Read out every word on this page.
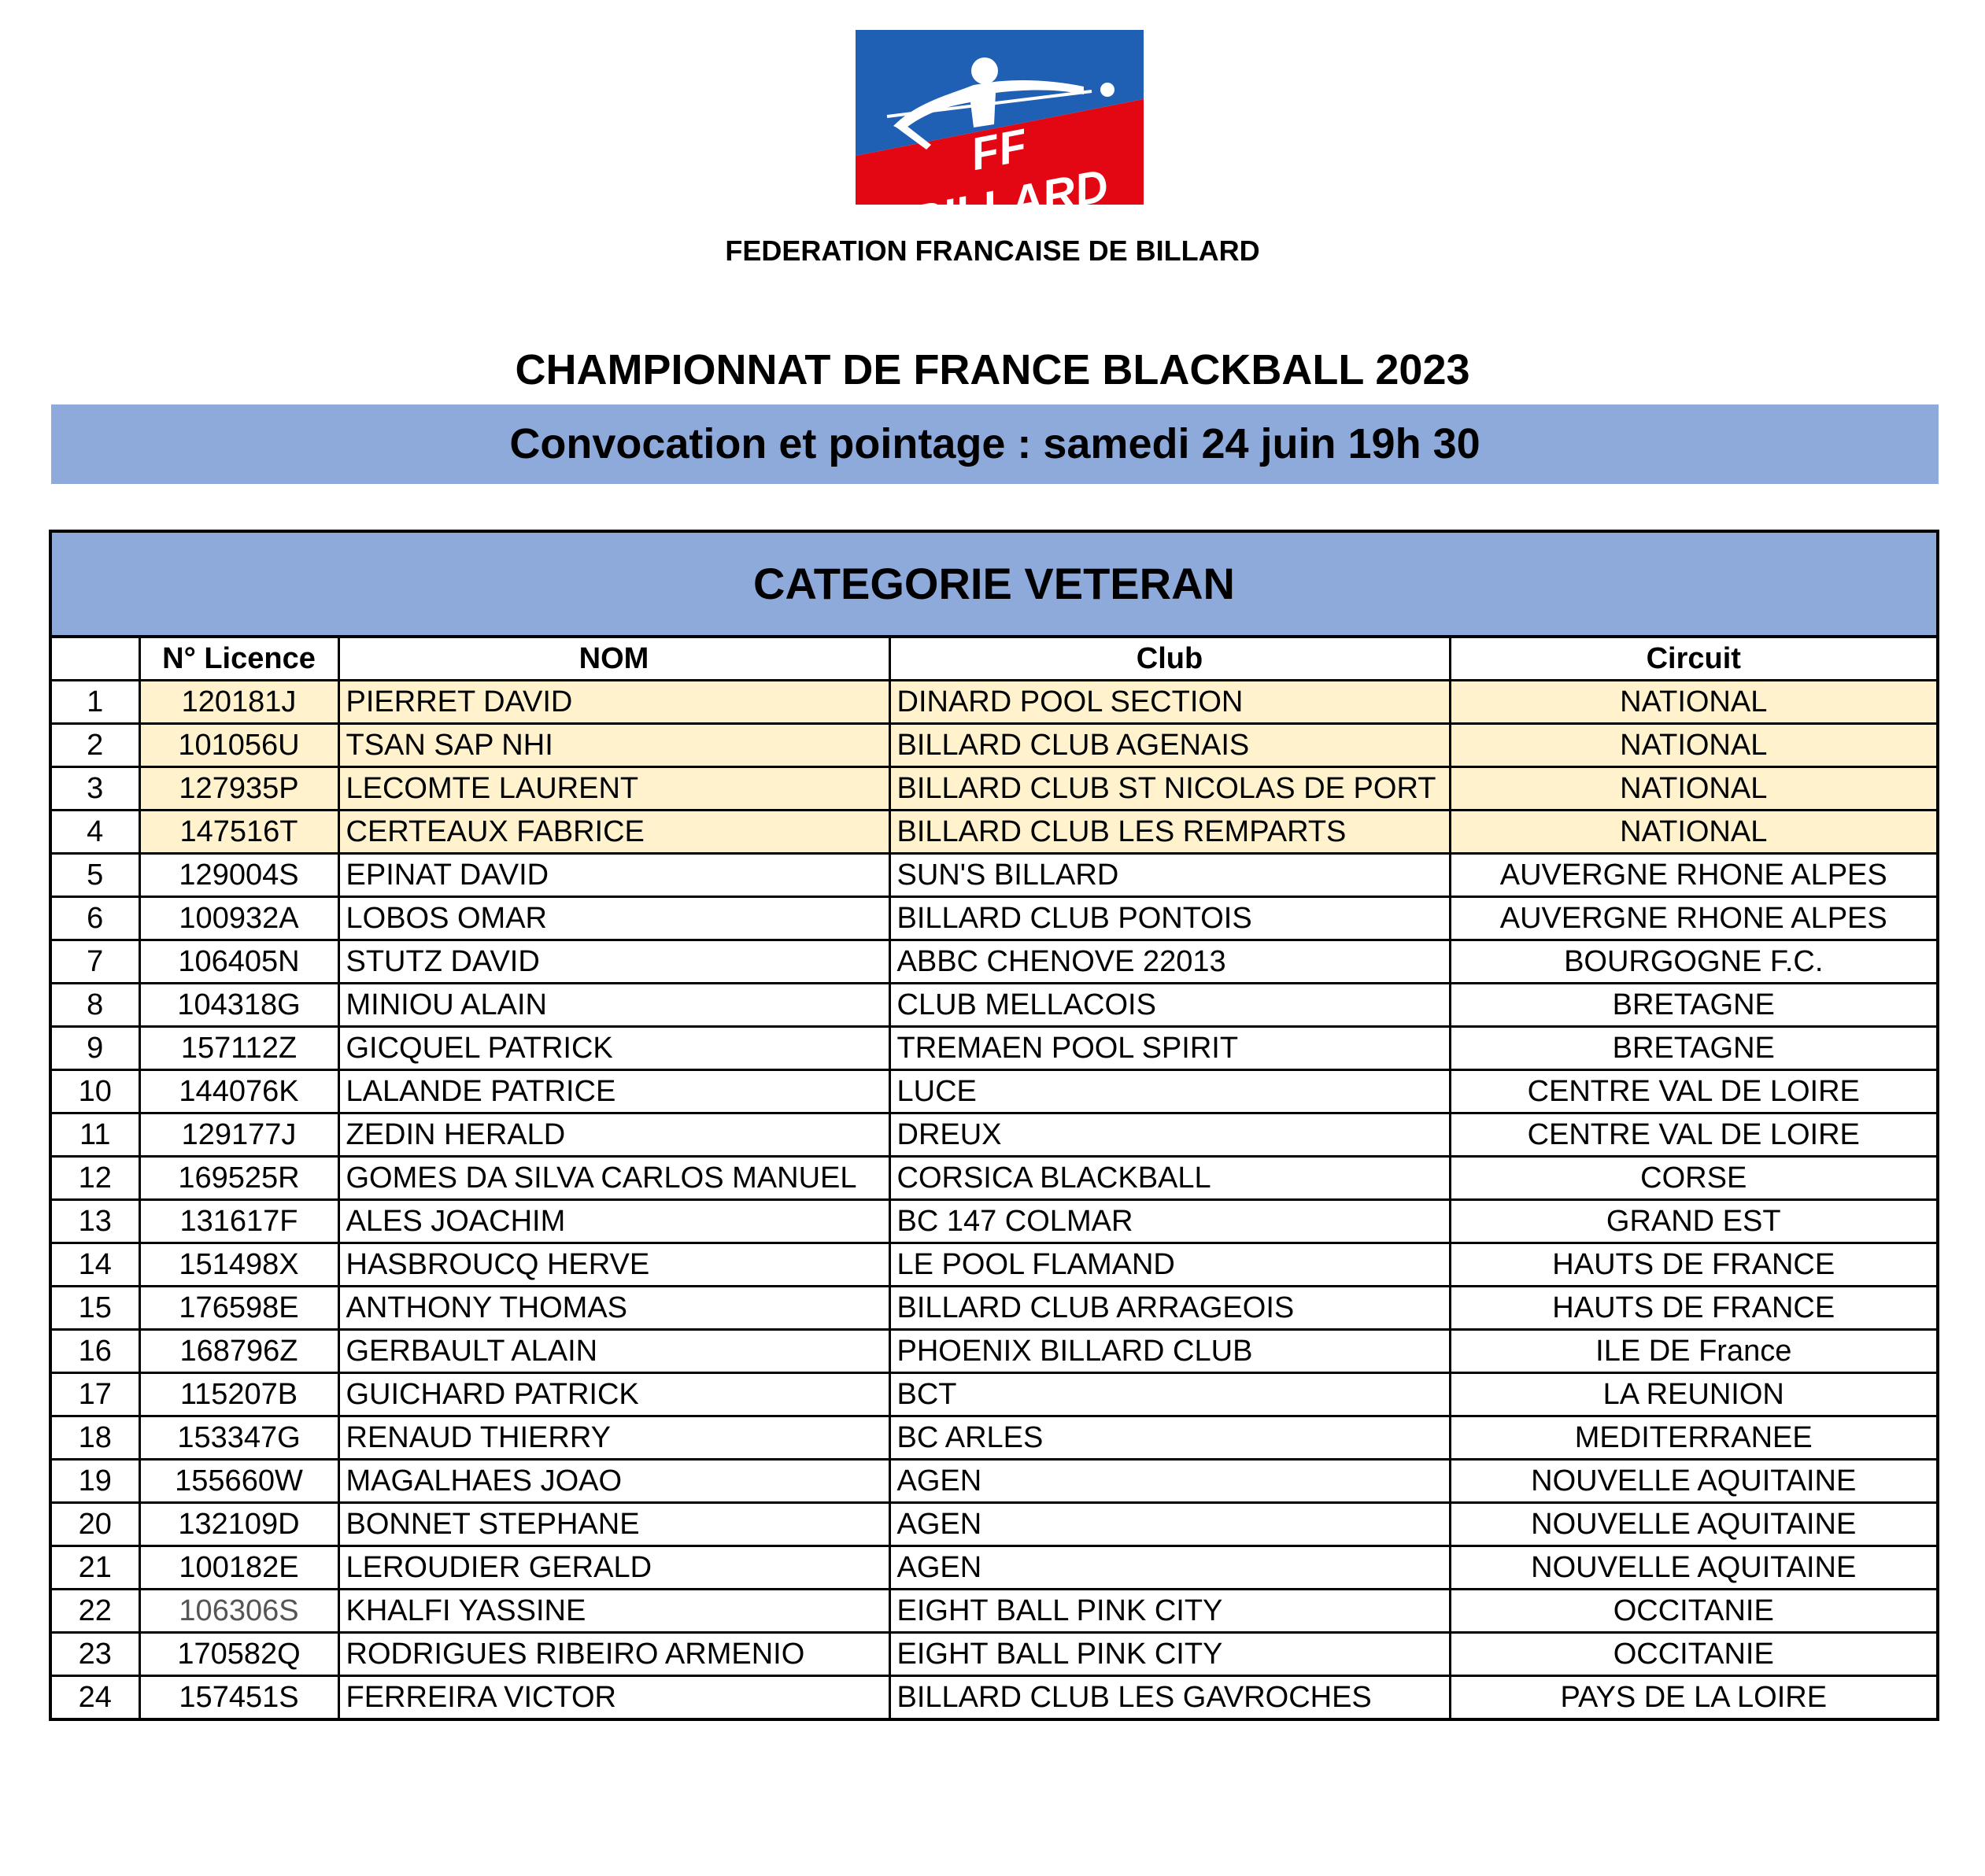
FF BILLARD
FEDERATION FRANCAISE DE BILLARD
CHAMPIONNAT DE FRANCE BLACKBALL 2023
Convocation et pointage : samedi 24 juin 19h 30
CATEGORIE VETERAN
	N° Licence	NOM	Club	Circuit
1	120181J	PIERRET DAVID	DINARD POOL SECTION	NATIONAL
2	101056U	TSAN SAP NHI	BILLARD CLUB AGENAIS	NATIONAL
3	127935P	LECOMTE LAURENT	BILLARD CLUB ST NICOLAS DE PORT	NATIONAL
4	147516T	CERTEAUX FABRICE	BILLARD CLUB LES REMPARTS	NATIONAL
5	129004S	EPINAT DAVID	SUN'S BILLARD	AUVERGNE RHONE ALPES
6	100932A	LOBOS OMAR	BILLARD CLUB PONTOIS	AUVERGNE RHONE ALPES
7	106405N	STUTZ DAVID	ABBC CHENOVE 22013	BOURGOGNE F.C.
8	104318G	MINIOU ALAIN	CLUB MELLACOIS	BRETAGNE
9	157112Z	GICQUEL PATRICK	TREMAEN POOL SPIRIT	BRETAGNE
10	144076K	LALANDE PATRICE	LUCE	CENTRE VAL DE LOIRE
11	129177J	ZEDIN HERALD	DREUX	CENTRE VAL DE LOIRE
12	169525R	GOMES DA SILVA CARLOS MANUEL	CORSICA BLACKBALL	CORSE
13	131617F	ALES JOACHIM	BC 147 COLMAR	GRAND EST
14	151498X	HASBROUCQ HERVE	LE POOL FLAMAND	HAUTS DE FRANCE
15	176598E	ANTHONY THOMAS	BILLARD CLUB ARRAGEOIS	HAUTS DE FRANCE
16	168796Z	GERBAULT ALAIN	PHOENIX BILLARD CLUB	ILE DE France
17	115207B	GUICHARD PATRICK	BCT	LA REUNION
18	153347G	RENAUD THIERRY	BC ARLES	MEDITERRANEE
19	155660W	MAGALHAES JOAO	AGEN	NOUVELLE AQUITAINE
20	132109D	BONNET STEPHANE	AGEN	NOUVELLE AQUITAINE
21	100182E	LEROUDIER GERALD	AGEN	NOUVELLE AQUITAINE
22	106306S	KHALFI YASSINE	EIGHT BALL PINK CITY	OCCITANIE
23	170582Q	RODRIGUES RIBEIRO ARMENIO	EIGHT BALL PINK CITY	OCCITANIE
24	157451S	FERREIRA VICTOR	BILLARD CLUB LES GAVROCHES	PAYS DE LA LOIRE
